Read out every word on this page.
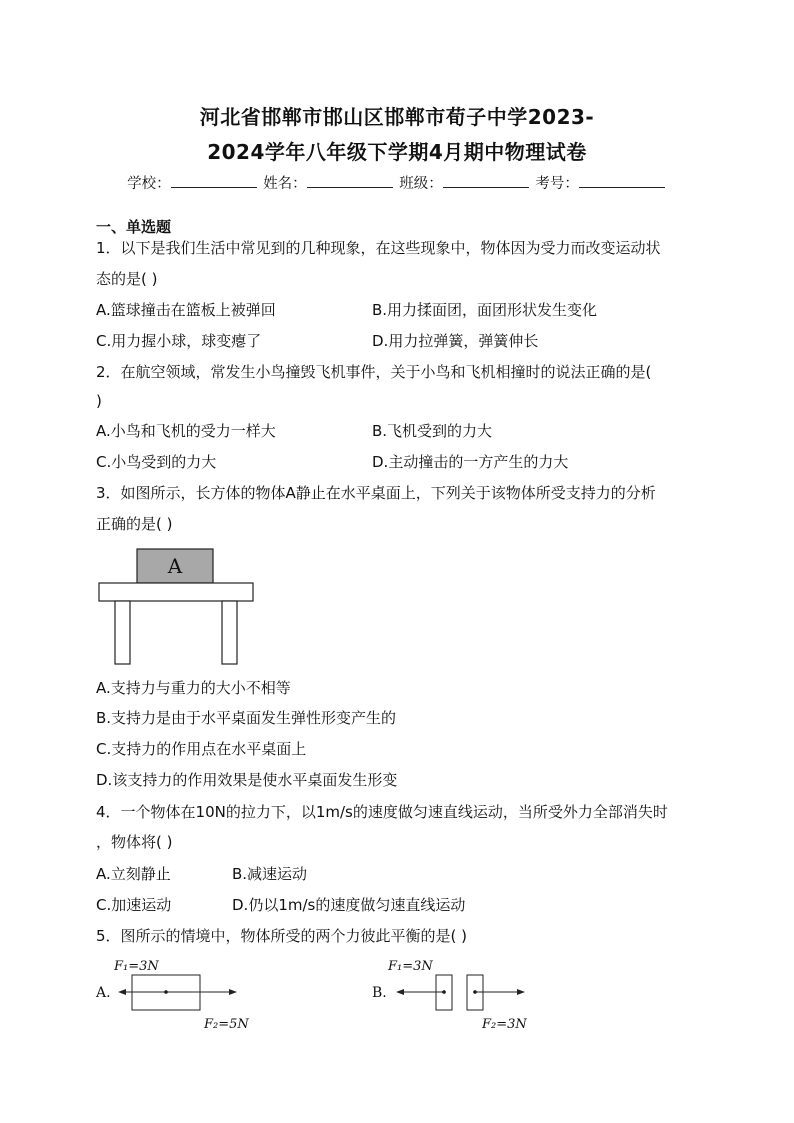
河北省邯郸市邯山区邯郸市荀子中学2023-
2024学年八年级下学期4月期中物理试卷
学校：	姓名：	班级：	考号：
一、单选题
1．以下是我们生活中常见到的几种现象，在这些现象中，物体因为受力而改变运动状
态的是( )
A.篮球撞击在篮板上被弹回	B.用力揉面团，面团形状发生变化
C.用力握小球，球变瘪了	D.用力拉弹簧，弹簧伸长
2．在航空领域，常发生小鸟撞毁飞机事件，关于小鸟和飞机相撞时的说法正确的是(
)
A.小鸟和飞机的受力一样大	B.飞机受到的力大
C.小鸟受到的力大	D.主动撞击的一方产生的力大
3．如图所示，长方体的物体A静止在水平桌面上，下列关于该物体所受支持力的分析
正确的是( )
A
A.支持力与重力的大小不相等
B.支持力是由于水平桌面发生弹性形变产生的
C.支持力的作用点在水平桌面上
D.该支持力的作用效果是使水平桌面发生形变
4．一个物体在10N的拉力下，以1m/s的速度做匀速直线运动，当所受外力全部消失时
，物体将( )
A.立刻静止	B.减速运动
C.加速运动	D.仍以1m/s的速度做匀速直线运动
5．图所示的情境中，物体所受的两个力彼此平衡的是( )
A.
F₁=3N
F₂=5N
B.
F₁=3N
F₂=3N
